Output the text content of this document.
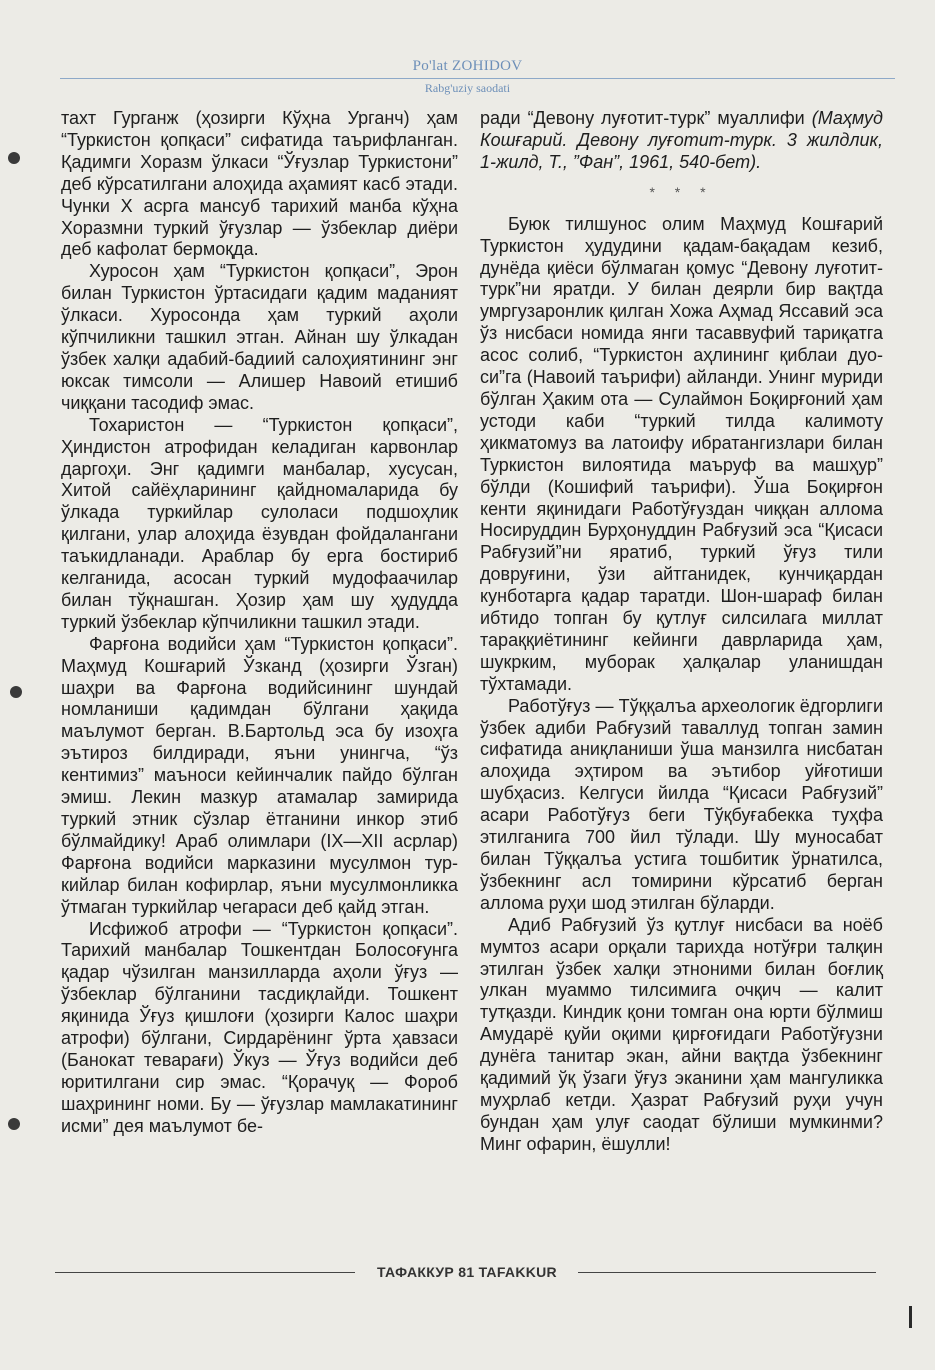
Po'lat ZOHIDOV
Rabg'uziy saodati

тахт Гурганж (ҳозирги Кўҳна Урганч) ҳам “Туркистон қопқаси” сифатида таърифланган. Қадимги Хоразм ўлкаси “Ўғузлар Туркистони” деб кўрсатилгани алоҳида аҳамият касб этади. Чунки X асрга мансуб тарихий манба кўҳна Хоразмни туркий ўғузлар — ўзбеклар диёри деб кафолат бермоқда.

Хуросон ҳам “Туркистон қопқаси”, Эрон билан Туркистон ўртасидаги қадим маданият ўлкаси. Хуросонда ҳам туркий аҳоли кўпчиликни ташкил этган. Айнан шу ўлкадан ўзбек халқи адабий-бадиий салоҳиятининг энг юксак тимсоли — Алишер Навоий етишиб чиққани тасодиф эмас.

Тохаристон — “Туркистон қопқаси”, Ҳиндистон атрофидан келадиган карвонлар даргоҳи. Энг қадимги манбалар, хусусан, Хитой сайёҳларининг қайдномаларида бу ўлкада туркийлар сулоласи подшоҳлик қилгани, улар алоҳида ёзувдан фойдалангани таъкидланади. Араблар бу ерга бостириб келганида, асосан туркий мудофаачилар билан тўқнашган. Ҳозир ҳам шу ҳудудда туркий ўзбеклар кўпчиликни ташкил этади.

Фарғона водийси ҳам “Туркистон қопқаси”. Маҳмуд Кошғарий Ўзканд (ҳозирги Ўзган) шаҳри ва Фарғона водийсининг шундай номланиши қадимдан бўлгани ҳақида маълумот берган. В.Бартольд эса бу изоҳга эътироз билдиради, яъни унингча, “ўз кентимиз” маъноси кейинчалик пайдо бўлган эмиш. Лекин мазкур атамалар замирида туркий этник сўзлар ётганини инкор этиб бўлмайдику! Араб олимлари (IX—XII асрлар) Фарғона водийси марказини мусулмон туркийлар билан кофирлар, яъни мусулмонликка ўтмаган туркийлар чегараси деб қайд этган.

Исфижоб атрофи — “Туркистон қопқаси”. Тарихий манбалар Тошкентдан Болосоғунга қадар чўзилган манзилларда аҳоли ўғуз — ўзбеклар бўлганини тасдиқлайди. Тошкент яқинида Ўғуз қишлоғи (ҳозирги Калос шаҳри атрофи) бўлгани, Сирдарёнинг ўрта ҳавзаси (Банокат теварағи) Ўкуз — Ўғуз водийси деб юритилгани сир эмас. “Қорачуқ — Фороб шаҳрининг номи. Бу — ўғузлар мамлакатининг исми” дея маълумот бе-

ради “Девону луғотит-турк” муаллифи (Маҳмуд Кошғарий. Девону луғотит-турк. 3 жилдлик, 1-жилд, Т., ”Фан”, 1961, 540-бет).

* * *

Буюк тилшунос олим Маҳмуд Кошғарий Туркистон ҳудудини қадам-бақадам кезиб, дунёда қиёси бўлмаган қомус “Девону луғотит-турк”ни яратди. У билан деярли бир вақтда умргузаронлик қилган Хожа Аҳмад Яссавий эса ўз нисбаси номида янги тасаввуфий тариқатга асос солиб, “Туркистон аҳлининг қиблаи дуоси”га (Навоий таърифи) айланди. Унинг муриди бўлган Ҳаким ота — Сулаймон Боқирғоний ҳам устоди каби “туркий тилда калимоту ҳикматомуз ва латоифу ибратангизлари билан Туркистон вилоятида маъруф ва машҳур” бўлди (Кошифий таърифи). Ўша Боқирғон кенти яқинидаги Работўғуздан чиққан аллома Носируддин Бурҳонуддин Рабғузий эса “Қисаси Рабғузий”ни яратиб, туркий ўғуз тили довруғини, ўзи айтганидек, кунчиқардан кунботарга қадар таратди. Шон-шараф билан ибтидо топган бу қутлуғ силсилага миллат тараққиётининг кейинги даврларида ҳам, шукрким, муборак ҳалқалар уланишдан тўхтамади.

Работўғуз — Тўққалъа археологик ёдгорлиги ўзбек адиби Рабғузий таваллуд топган замин сифатида аниқланиши ўша манзилга нисбатан алоҳида эҳтиром ва эътибор уйғотиши шубҳасиз. Келгуси йилда “Қисаси Рабғузий” асари Работўғуз беги Тўқбуғабекка туҳфа этилганига 700 йил тўлади. Шу муносабат билан Тўққалъа устига тошбитик ўрнатилса, ўзбекнинг асл томирини кўрсатиб берган аллома руҳи шод этилган бўларди.

Адиб Рабғузий ўз қутлуғ нисбаси ва ноёб мумтоз асари орқали тарихда нотўғри талқин этилган ўзбек халқи этноними билан боғлиқ улкан муаммо тилсимига очқич — калит тутқазди. Киндик қони томган она юрти бўлмиш Амударё қуйи оқими қирғоғидаги Работўғузни дунёга танитар экан, айни вақтда ўзбекнинг қадимий ўқ ўзаги ўғуз эканини ҳам мангуликка муҳрлаб кетди. Ҳазрат Рабғузий руҳи учун бундан ҳам улуғ саодат бўлиши мумкинми? Минг офарин, ёшулли!

ТАФАККУР 81 TAFAKKUR
